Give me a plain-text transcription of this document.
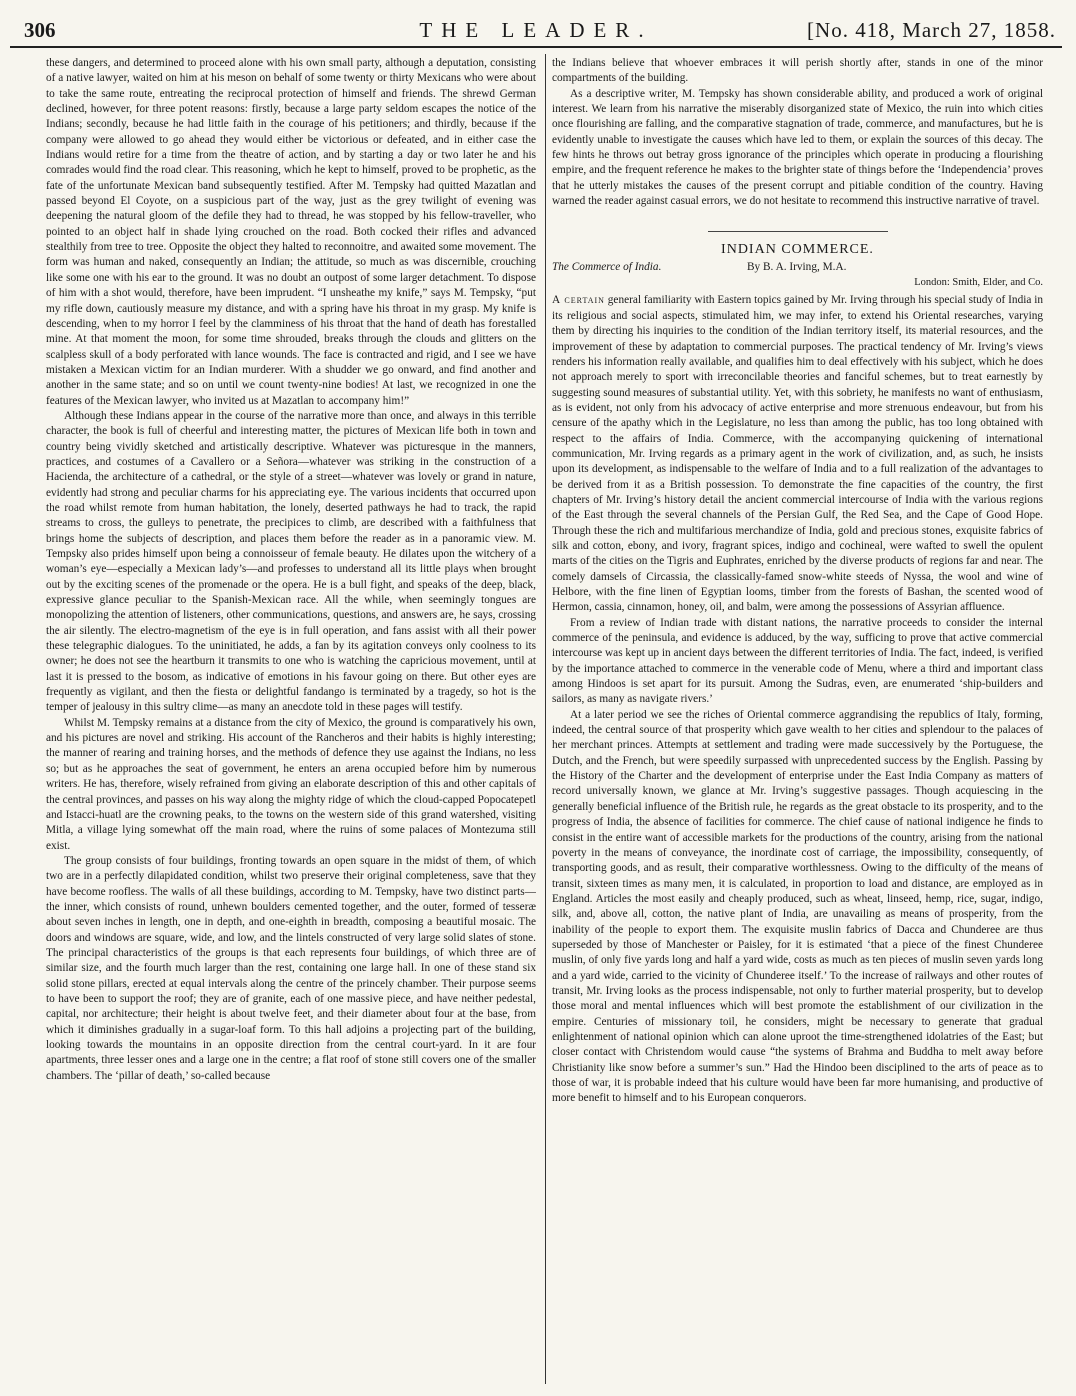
306	THE LEADER.	[No. 418, March 27, 1858.

these dangers, and determined to proceed alone with his own small party, although a deputation, consisting of a native lawyer, waited on him at his meson on behalf of some twenty or thirty Mexicans who were about to take the same route, entreating the reciprocal protection of himself and friends. The shrewd German declined, however, for three potent reasons: firstly, because a large party seldom escapes the notice of the Indians; secondly, because he had little faith in the courage of his petitioners; and thirdly, because if the company were allowed to go ahead they would either be victorious or defeated, and in either case the Indians would retire for a time from the theatre of action, and by starting a day or two later he and his comrades would find the road clear. This reasoning, which he kept to himself, proved to be prophetic, as the fate of the unfortunate Mexican band subsequently testified. After M. Tempsky had quitted Mazatlan and passed beyond El Coyote, on a suspicious part of the way, just as the grey twilight of evening was deepening the natural gloom of the defile they had to thread, he was stopped by his fellow-traveller, who pointed to an object half in shade lying crouched on the road. Both cocked their rifles and advanced stealthily from tree to tree. Opposite the object they halted to reconnoitre, and awaited some movement. The form was human and naked, consequently an Indian; the attitude, so much as was discernible, crouching like some one with his ear to the ground. It was no doubt an outpost of some larger detachment. To dispose of him with a shot would, therefore, have been imprudent. “I unsheathe my knife,” says M. Tempsky, “put my rifle down, cautiously measure my distance, and with a spring have his throat in my grasp. My knife is descending, when to my horror I feel by the clamminess of his throat that the hand of death has forestalled mine. At that moment the moon, for some time shrouded, breaks through the clouds and glitters on the scalpless skull of a body perforated with lance wounds. The face is contracted and rigid, and I see we have mistaken a Mexican victim for an Indian murderer. With a shudder we go onward, and find another and another in the same state; and so on until we count twenty-nine bodies! At last, we recognized in one the features of the Mexican lawyer, who invited us at Mazatlan to accompany him!”

Although these Indians appear in the course of the narrative more than once, and always in this terrible character, the book is full of cheerful and interesting matter, the pictures of Mexican life both in town and country being vividly sketched and artistically descriptive. Whatever was picturesque in the manners, practices, and costumes of a Cavallero or a Señora—whatever was striking in the construction of a Hacienda, the architecture of a cathedral, or the style of a street—whatever was lovely or grand in nature, evidently had strong and peculiar charms for his appreciating eye. The various incidents that occurred upon the road whilst remote from human habitation, the lonely, deserted pathways he had to track, the rapid streams to cross, the gulleys to penetrate, the precipices to climb, are described with a faithfulness that brings home the subjects of description, and places them before the reader as in a panoramic view. M. Tempsky also prides himself upon being a connoisseur of female beauty. He dilates upon the witchery of a woman’s eye—especially a Mexican lady’s—and professes to understand all its little plays when brought out by the exciting scenes of the promenade or the opera. He is a bull fight, and speaks of the deep, black, expressive glance peculiar to the Spanish-Mexican race. All the while, when seemingly tongues are monopolizing the attention of listeners, other communications, questions, and answers are, he says, crossing the air silently. The electro-magnetism of the eye is in full operation, and fans assist with all their power these telegraphic dialogues. To the uninitiated, he adds, a fan by its agitation conveys only coolness to its owner; he does not see the heartburn it transmits to one who is watching the capricious movement, until at last it is pressed to the bosom, as indicative of emotions in his favour going on there. But other eyes are frequently as vigilant, and then the fiesta or delightful fandango is terminated by a tragedy, so hot is the temper of jealousy in this sultry clime—as many an anecdote told in these pages will testify.

Whilst M. Tempsky remains at a distance from the city of Mexico, the ground is comparatively his own, and his pictures are novel and striking. His account of the Rancheros and their habits is highly interesting; the manner of rearing and training horses, and the methods of defence they use against the Indians, no less so; but as he approaches the seat of government, he enters an arena occupied before him by numerous writers. He has, therefore, wisely refrained from giving an elaborate description of this and other capitals of the central provinces, and passes on his way along the mighty ridge of which the cloud-capped Popocatepetl and Istacci-huatl are the crowning peaks, to the towns on the western side of this grand watershed, visiting Mitla, a village lying somewhat off the main road, where the ruins of some palaces of Montezuma still exist.

The group consists of four buildings, fronting towards an open square in the midst of them, of which two are in a perfectly dilapidated condition, whilst two preserve their original completeness, save that they have become roofless. The walls of all these buildings, according to M. Tempsky, have two distinct parts—the inner, which consists of round, unhewn boulders cemented together, and the outer, formed of tesseræ about seven inches in length, one in depth, and one-eighth in breadth, composing a beautiful mosaic. The doors and windows are square, wide, and low, and the lintels constructed of very large solid slates of stone. The principal characteristics of the groups is that each represents four buildings, of which three are of similar size, and the fourth much larger than the rest, containing one large hall. In one of these stand six solid stone pillars, erected at equal intervals along the centre of the princely chamber. Their purpose seems to have been to support the roof; they are of granite, each of one massive piece, and have neither pedestal, capital, nor architecture; their height is about twelve feet, and their diameter about four at the base, from which it diminishes gradually in a sugar-loaf form. To this hall adjoins a projecting part of the building, looking towards the mountains in an opposite direction from the central court-yard. In it are four apartments, three lesser ones and a large one in the centre; a flat roof of stone still covers one of the smaller chambers. The ‘pillar of death,’ so-called because

the Indians believe that whoever embraces it will perish shortly after, stands in one of the minor compartments of the building.

As a descriptive writer, M. Tempsky has shown considerable ability, and produced a work of original interest. We learn from his narrative the miserably disorganized state of Mexico, the ruin into which cities once flourishing are falling, and the comparative stagnation of trade, commerce, and manufactures, but he is evidently unable to investigate the causes which have led to them, or explain the sources of this decay. The few hints he throws out betray gross ignorance of the principles which operate in producing a flourishing empire, and the frequent reference he makes to the brighter state of things before the ‘Independencia’ proves that he utterly mistakes the causes of the present corrupt and pitiable condition of the country. Having warned the reader against casual errors, we do not hesitate to recommend this instructive narrative of travel.

INDIAN COMMERCE.
The Commerce of India.	By B. A. Irving, M.A.
London: Smith, Elder, and Co.

A certain general familiarity with Eastern topics gained by Mr. Irving through his special study of India in its religious and social aspects, stimulated him, we may infer, to extend his Oriental researches, varying them by directing his inquiries to the condition of the Indian territory itself, its material resources, and the improvement of these by adaptation to commercial purposes. The practical tendency of Mr. Irving’s views renders his information really available, and qualifies him to deal effectively with his subject, which he does not approach merely to sport with irreconcilable theories and fanciful schemes, but to treat earnestly by suggesting sound measures of substantial utility. Yet, with this sobriety, he manifests no want of enthusiasm, as is evident, not only from his advocacy of active enterprise and more strenuous endeavour, but from his censure of the apathy which in the Legislature, no less than among the public, has too long obtained with respect to the affairs of India. Commerce, with the accompanying quickening of international communication, Mr. Irving regards as a primary agent in the work of civilization, and, as such, he insists upon its development, as indispensable to the welfare of India and to a full realization of the advantages to be derived from it as a British possession. To demonstrate the fine capacities of the country, the first chapters of Mr. Irving’s history detail the ancient commercial intercourse of India with the various regions of the East through the several channels of the Persian Gulf, the Red Sea, and the Cape of Good Hope. Through these the rich and multifarious merchandize of India, gold and precious stones, exquisite fabrics of silk and cotton, ebony, and ivory, fragrant spices, indigo and cochineal, were wafted to swell the opulent marts of the cities on the Tigris and Euphrates, enriched by the diverse products of regions far and near. The comely damsels of Circassia, the classically-famed snow-white steeds of Nyssa, the wool and wine of Helbore, with the fine linen of Egyptian looms, timber from the forests of Bashan, the scented wood of Hermon, cassia, cinnamon, honey, oil, and balm, were among the possessions of Assyrian affluence.

From a review of Indian trade with distant nations, the narrative proceeds to consider the internal commerce of the peninsula, and evidence is adduced, by the way, sufficing to prove that active commercial intercourse was kept up in ancient days between the different territories of India. The fact, indeed, is verified by the importance attached to commerce in the venerable code of Menu, where a third and important class among Hindoos is set apart for its pursuit. Among the Sudras, even, are enumerated ‘ship-builders and sailors, as many as navigate rivers.’

At a later period we see the riches of Oriental commerce aggrandising the republics of Italy, forming, indeed, the central source of that prosperity which gave wealth to her cities and splendour to the palaces of her merchant princes. Attempts at settlement and trading were made successively by the Portuguese, the Dutch, and the French, but were speedily surpassed with unprecedented success by the English. Passing by the History of the Charter and the development of enterprise under the East India Company as matters of record universally known, we glance at Mr. Irving’s suggestive passages. Though acquiescing in the generally beneficial influence of the British rule, he regards as the great obstacle to its prosperity, and to the progress of India, the absence of facilities for commerce. The chief cause of national indigence he finds to consist in the entire want of accessible markets for the productions of the country, arising from the national poverty in the means of conveyance, the inordinate cost of carriage, the impossibility, consequently, of transporting goods, and as result, their comparative worthlessness. Owing to the difficulty of the means of transit, sixteen times as many men, it is calculated, in proportion to load and distance, are employed as in England. Articles the most easily and cheaply produced, such as wheat, linseed, hemp, rice, sugar, indigo, silk, and, above all, cotton, the native plant of India, are unavailing as means of prosperity, from the inability of the people to export them. The exquisite muslin fabrics of Dacca and Chunderee are thus superseded by those of Manchester or Paisley, for it is estimated ‘that a piece of the finest Chunderee muslin, of only five yards long and half a yard wide, costs as much as ten pieces of muslin seven yards long and a yard wide, carried to the vicinity of Chunderee itself.’ To the increase of railways and other routes of transit, Mr. Irving looks as the process indispensable, not only to further material prosperity, but to develop those moral and mental influences which will best promote the establishment of our civilization in the empire. Centuries of missionary toil, he considers, might be necessary to generate that gradual enlightenment of national opinion which can alone uproot the time-strengthened idolatries of the East; but closer contact with Christendom would cause “the systems of Brahma and Buddha to melt away before Christianity like snow before a summer’s sun.” Had the Hindoo been disciplined to the arts of peace as to those of war, it is probable indeed that his culture would have been far more humanising, and productive of more benefit to himself and to his European conquerors.
